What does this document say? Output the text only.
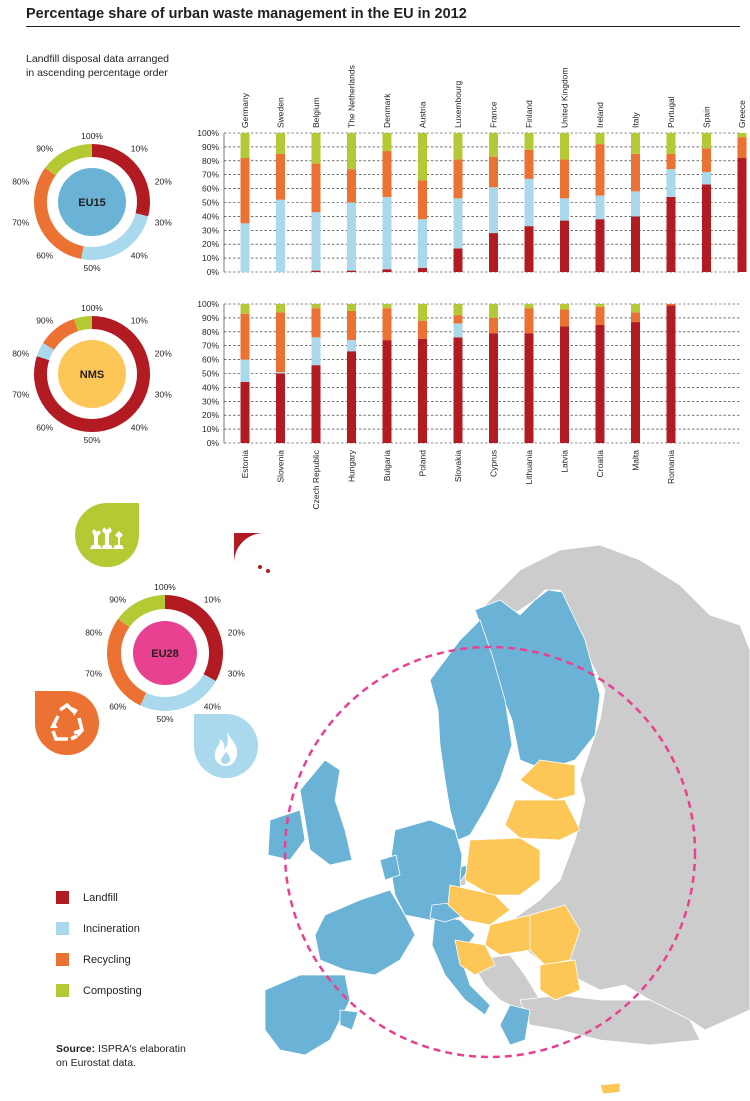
Percentage share of urban waste management in the EU in 2012

Landfill disposal data arranged
in ascending percentage order

0%
10%
20%
30%
40%
50%
60%
70%
80%
90%
100%
Germany	Sweden	Belgium	The Netherlands	Denmark	Austria	Luxembourg	France	Finland	United Kingdom	Ireland	Italy	Portugal	Spain	Greece
0%
10%
20%
30%
40%
50%
60%
70%
80%
90%
100%
Estonia	Slovenia	Czech Republic	Hungary	Bulgaria	Poland	Slovakia	Cyprus	Lithuania	Latvia	Croatia	Malta	Romania
EU15
100%
10%
20%
30%
40%
50%
60%
70%
80%
90%
NMS
100%
10%
20%
30%
40%
50%
60%
70%
80%
90%
EU28
100%
10%
20%
30%
40%
50%
60%
70%
80%
90%
Landfill
Incineration
Recycling
Composting

Source: ISPRA's elaboratin
on Eurostat data.
